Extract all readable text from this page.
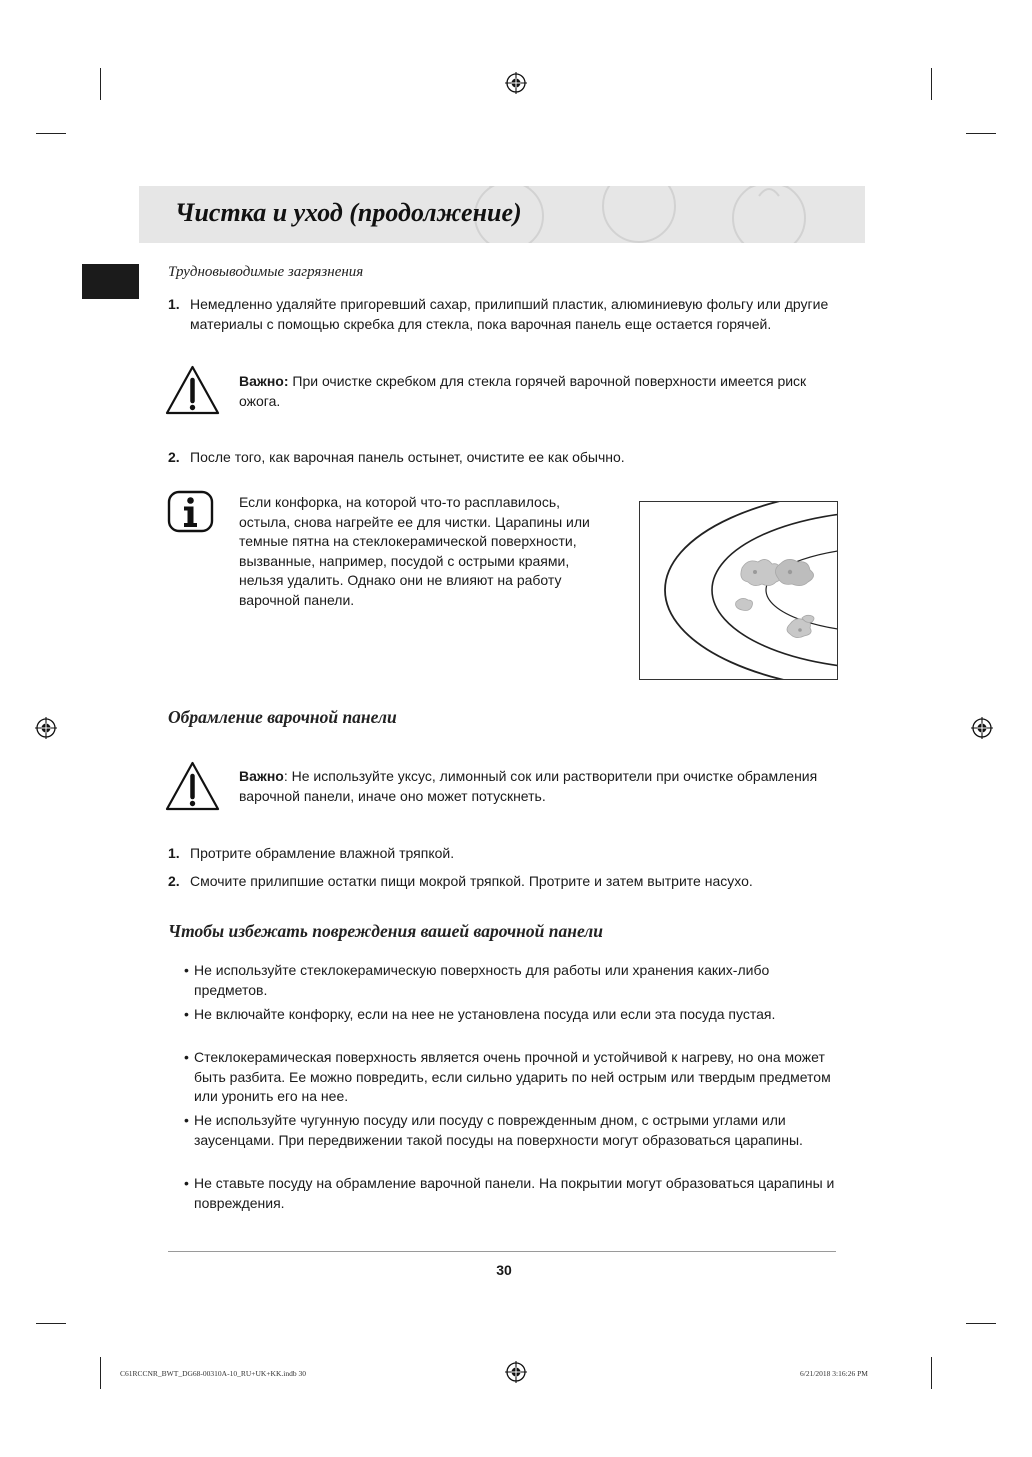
Чистка и уход (продолжение)
Трудновыводимые загрязнения
1. Немедленно удаляйте пригоревший сахар, прилипший пластик, алюминиевую фольгу или другие материалы с помощью скребка для стекла, пока варочная панель еще остается горячей.
Важно: При очистке скребком для стекла горячей варочной поверхности имеется риск ожога.
2. После того, как варочная панель остынет, очистите ее как обычно.
Если конфорка, на которой что-то расплавилось, остыла, снова нагрейте ее для чистки. Царапины или темные пятна на стеклокерамической поверхности, вызванные, например, посудой с острыми краями, нельзя удалить. Однако они не влияют на работу варочной панели.
Обрамление варочной панели
Важно: Не используйте уксус, лимонный сок или растворители при очистке обрамления варочной панели, иначе оно может потускнеть.
1. Протрите обрамление влажной тряпкой.
2. Смочите прилипшие остатки пищи мокрой тряпкой. Протрите и затем вытрите насухо.
Чтобы избежать повреждения вашей варочной панели
• Не используйте стеклокерамическую поверхность для работы или хранения каких-либо предметов.
• Не включайте конфорку, если на нее не установлена посуда или если эта посуда пустая.
• Стеклокерамическая поверхность является очень прочной и устойчивой к нагреву, но она может быть разбита. Ее можно повредить, если сильно ударить по ней острым или твердым предметом или уронить его на нее.
• Не используйте чугунную посуду или посуду с поврежденным дном, с острыми углами или заусенцами. При передвижении такой посуды на поверхности могут образоваться царапины.
• Не ставьте посуду на обрамление варочной панели. На покрытии могут образоваться царапины и повреждения.
30
C61RCCNR_BWT_DG68-00310A-10_RU+UK+KK.indb 30	6/21/2018 3:16:26 PM
